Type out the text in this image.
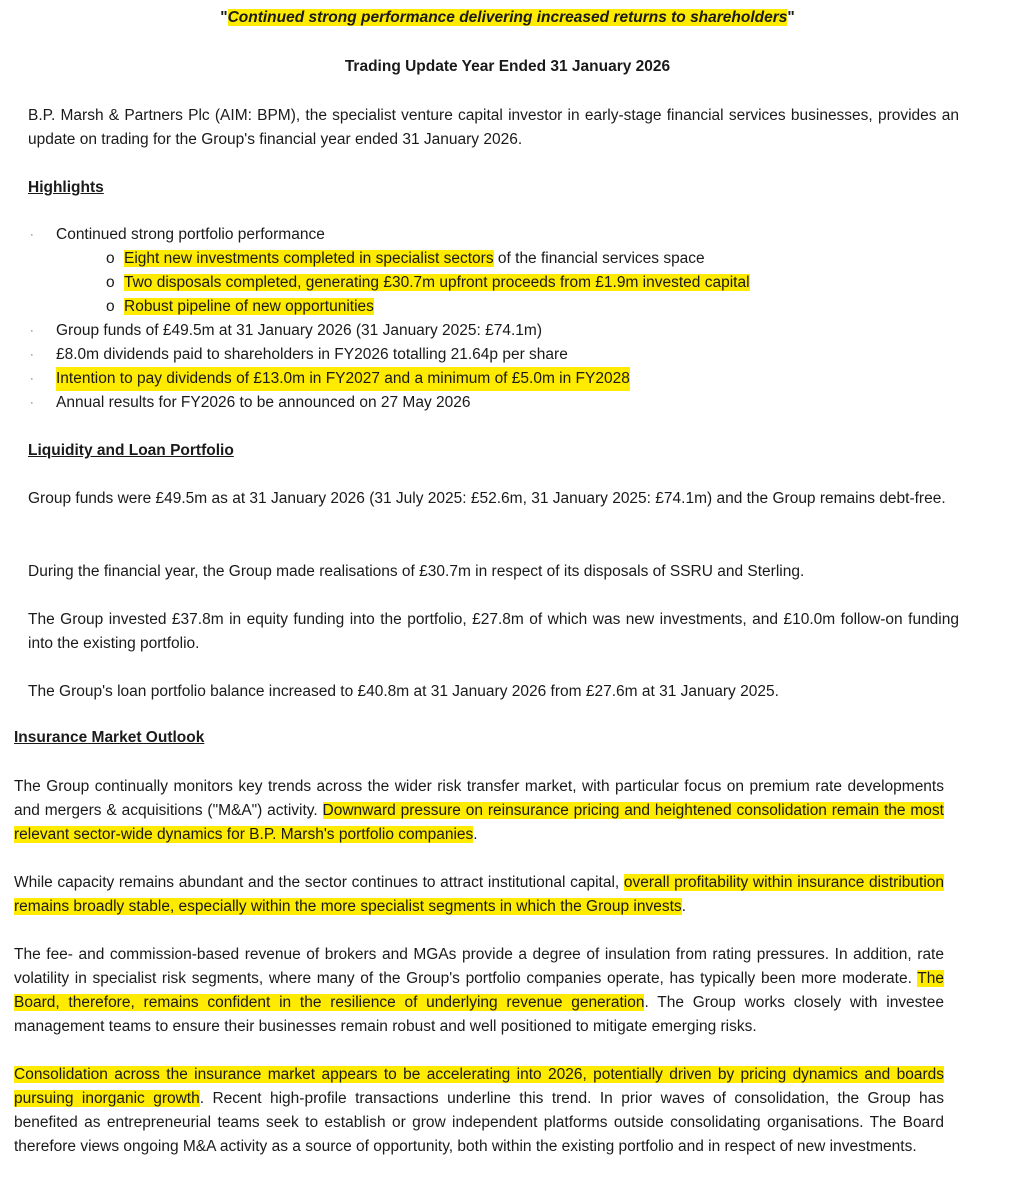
"Continued strong performance delivering increased returns to shareholders"
Trading Update Year Ended 31 January 2026
B.P. Marsh & Partners Plc (AIM: BPM), the specialist venture capital investor in early-stage financial services businesses, provides an update on trading for the Group's financial year ended 31 January 2026.
Highlights
· Continued strong portfolio performance
o Eight new investments completed in specialist sectors of the financial services space
o Two disposals completed, generating £30.7m upfront proceeds from £1.9m invested capital
o Robust pipeline of new opportunities
· Group funds of £49.5m at 31 January 2026 (31 January 2025: £74.1m)
· £8.0m dividends paid to shareholders in FY2026 totalling 21.64p per share
· Intention to pay dividends of £13.0m in FY2027 and a minimum of £5.0m in FY2028
· Annual results for FY2026 to be announced on 27 May 2026
Liquidity and Loan Portfolio
Group funds were £49.5m as at 31 January 2026 (31 July 2025: £52.6m, 31 January 2025: £74.1m) and the Group remains debt-free.
During the financial year, the Group made realisations of £30.7m in respect of its disposals of SSRU and Sterling.
The Group invested £37.8m in equity funding into the portfolio, £27.8m of which was new investments, and £10.0m follow-on funding into the existing portfolio.
The Group's loan portfolio balance increased to £40.8m at 31 January 2026 from £27.6m at 31 January 2025.
Insurance Market Outlook
The Group continually monitors key trends across the wider risk transfer market, with particular focus on premium rate developments and mergers & acquisitions ("M&A") activity. Downward pressure on reinsurance pricing and heightened consolidation remain the most relevant sector-wide dynamics for B.P. Marsh's portfolio companies.
While capacity remains abundant and the sector continues to attract institutional capital, overall profitability within insurance distribution remains broadly stable, especially within the more specialist segments in which the Group invests.
The fee- and commission-based revenue of brokers and MGAs provide a degree of insulation from rating pressures. In addition, rate volatility in specialist risk segments, where many of the Group's portfolio companies operate, has typically been more moderate. The Board, therefore, remains confident in the resilience of underlying revenue generation. The Group works closely with investee management teams to ensure their businesses remain robust and well positioned to mitigate emerging risks.
Consolidation across the insurance market appears to be accelerating into 2026, potentially driven by pricing dynamics and boards pursuing inorganic growth. Recent high-profile transactions underline this trend. In prior waves of consolidation, the Group has benefited as entrepreneurial teams seek to establish or grow independent platforms outside consolidating organisations. The Board therefore views ongoing M&A activity as a source of opportunity, both within the existing portfolio and in respect of new investments.
